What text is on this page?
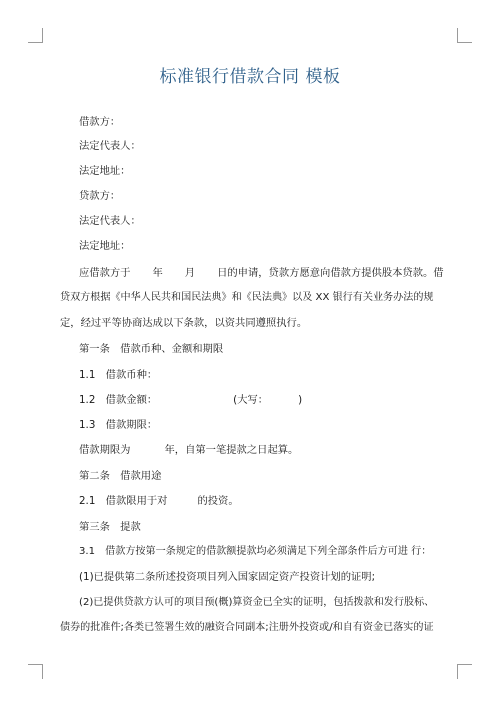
标准银行借款合同 模板
借款方：
法定代表人：
法定地址：
贷款方：
法定代表人：
法定地址：
应借款方于 年 月 日的申请，贷款方愿意向借款方提供股本贷款。借
贷双方根据《中华人民共和国民法典》和《民法典》以及 XX 银行有关业务办法的规
定，经过平等协商达成以下条款，以资共同遵照执行。
第一条　借款币种、金额和期限
1.1　借款币种：
1.2　借款金额：	(大写：	)
1.3　借款期限：
借款期限为	年，自第一笔提款之日起算。
第二条　借款用途
2.1　借款限用于对	的投资。
第三条　提款
3.1　借款方按第一条规定的借款额提款均必须满足下列全部条件后方可进 行：
(1)已提供第二条所述投资项目列入国家固定资产投资计划的证明;
(2)已提供贷款方认可的项目预(概)算资金已全实的证明，包括拨款和发行股标、
债券的批准件;各类已签署生效的融资合同副本;注册外投资或/和自有资金已落实的证
